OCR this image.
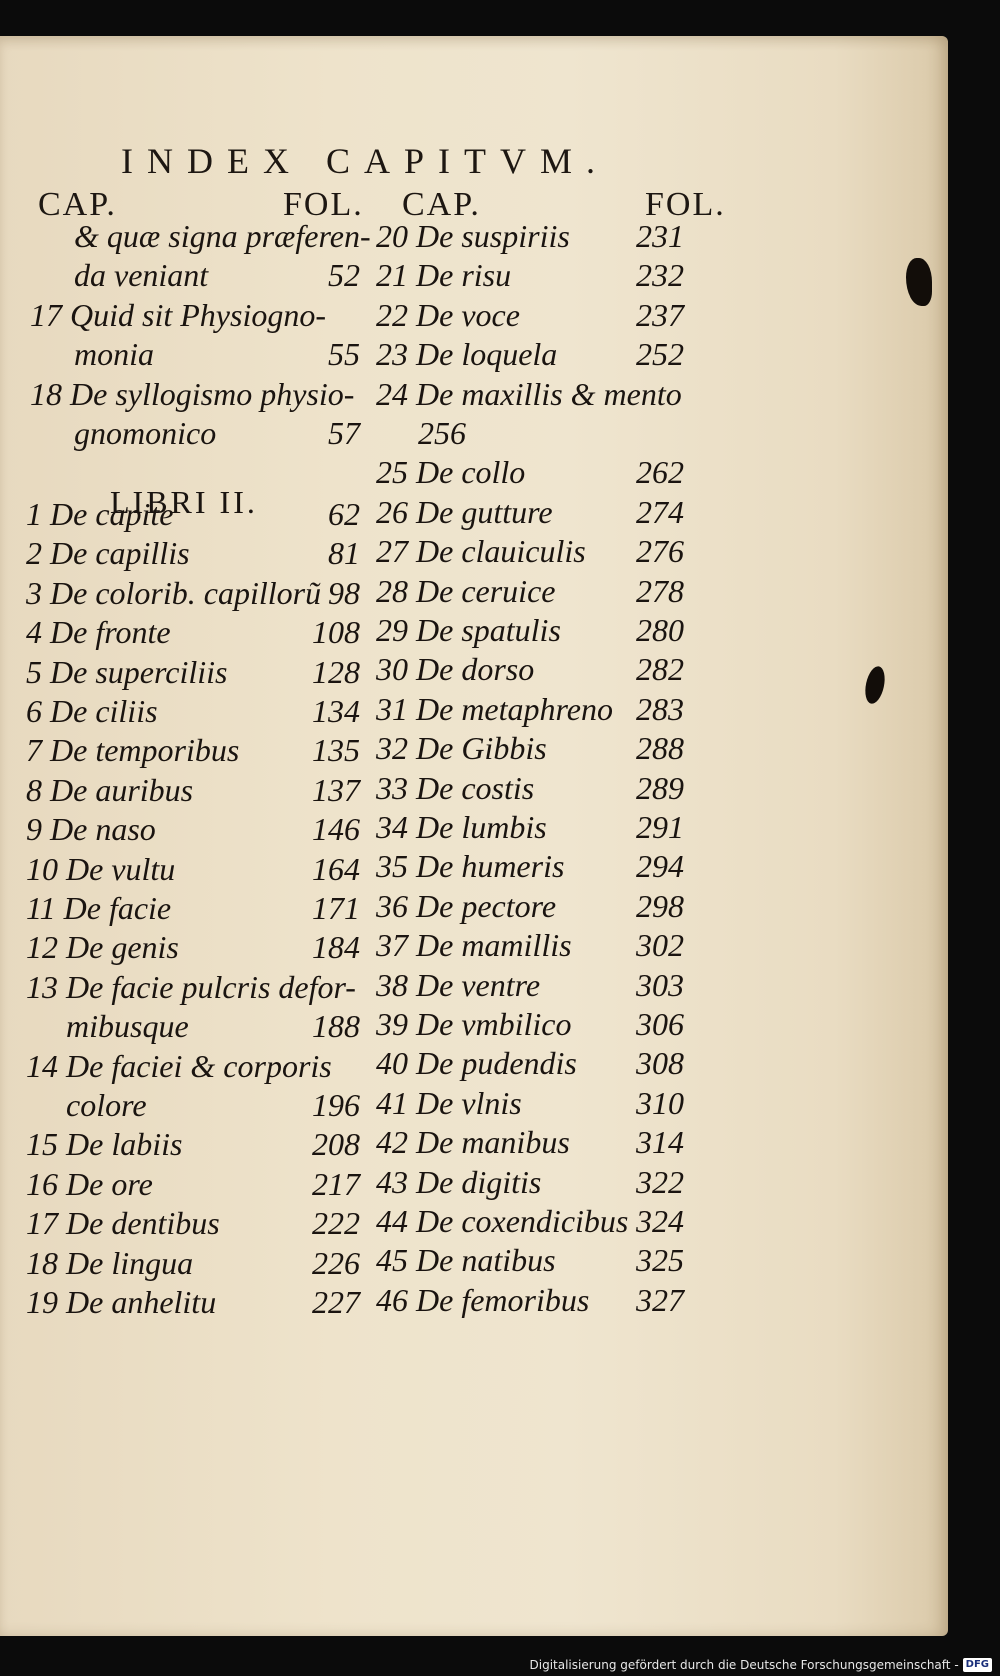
INDEX CAPITVM.
CAP.	FOL. CAP.	FOL.
LIBRI II.
& quæ signa præferen-
da veniant	52
17 Quid sit Physiogno-
monia	55
18 De syllogismo physio-
gnomonico	57
1 De capite	62
2 De capillis	81
3 De colorib. capillorũ 98
4 De fronte	108
5 De superciliis	128
6 De ciliis	134
7 De temporibus	135
8 De auribus	137
9 De naso	146
10 De vultu	164
11 De facie	171
12 De genis	184
13 De facie pulcris defor-
mibusque	188
14 De faciei & corporis
colore	196
15 De labiis	208
16 De ore	217
17 De dentibus	222
18 De lingua	226
19 De anhelitu	227
20 De suspiriis	231
21 De risu	232
22 De voce	237
23 De loquela	252
24 De maxillis & mento
256
25 De collo	262
26 De gutture	274
27 De clauiculis	276
28 De ceruice	278
29 De spatulis	280
30 De dorso	282
31 De metaphreno 283
32 De Gibbis	288
33 De costis	289
34 De lumbis	291
35 De humeris	294
36 De pectore	298
37 De mamillis	302
38 De ventre	303
39 De vmbilico	306
40 De pudendis	308
41 De vlnis	310
42 De manibus	314
43 De digitis	322
44 De coxendicibus 324
45 De natibus	325
46 De femoribus	327
Digitalisierung gefördert durch die Deutsche Forschungsgemeinschaft - DFG
